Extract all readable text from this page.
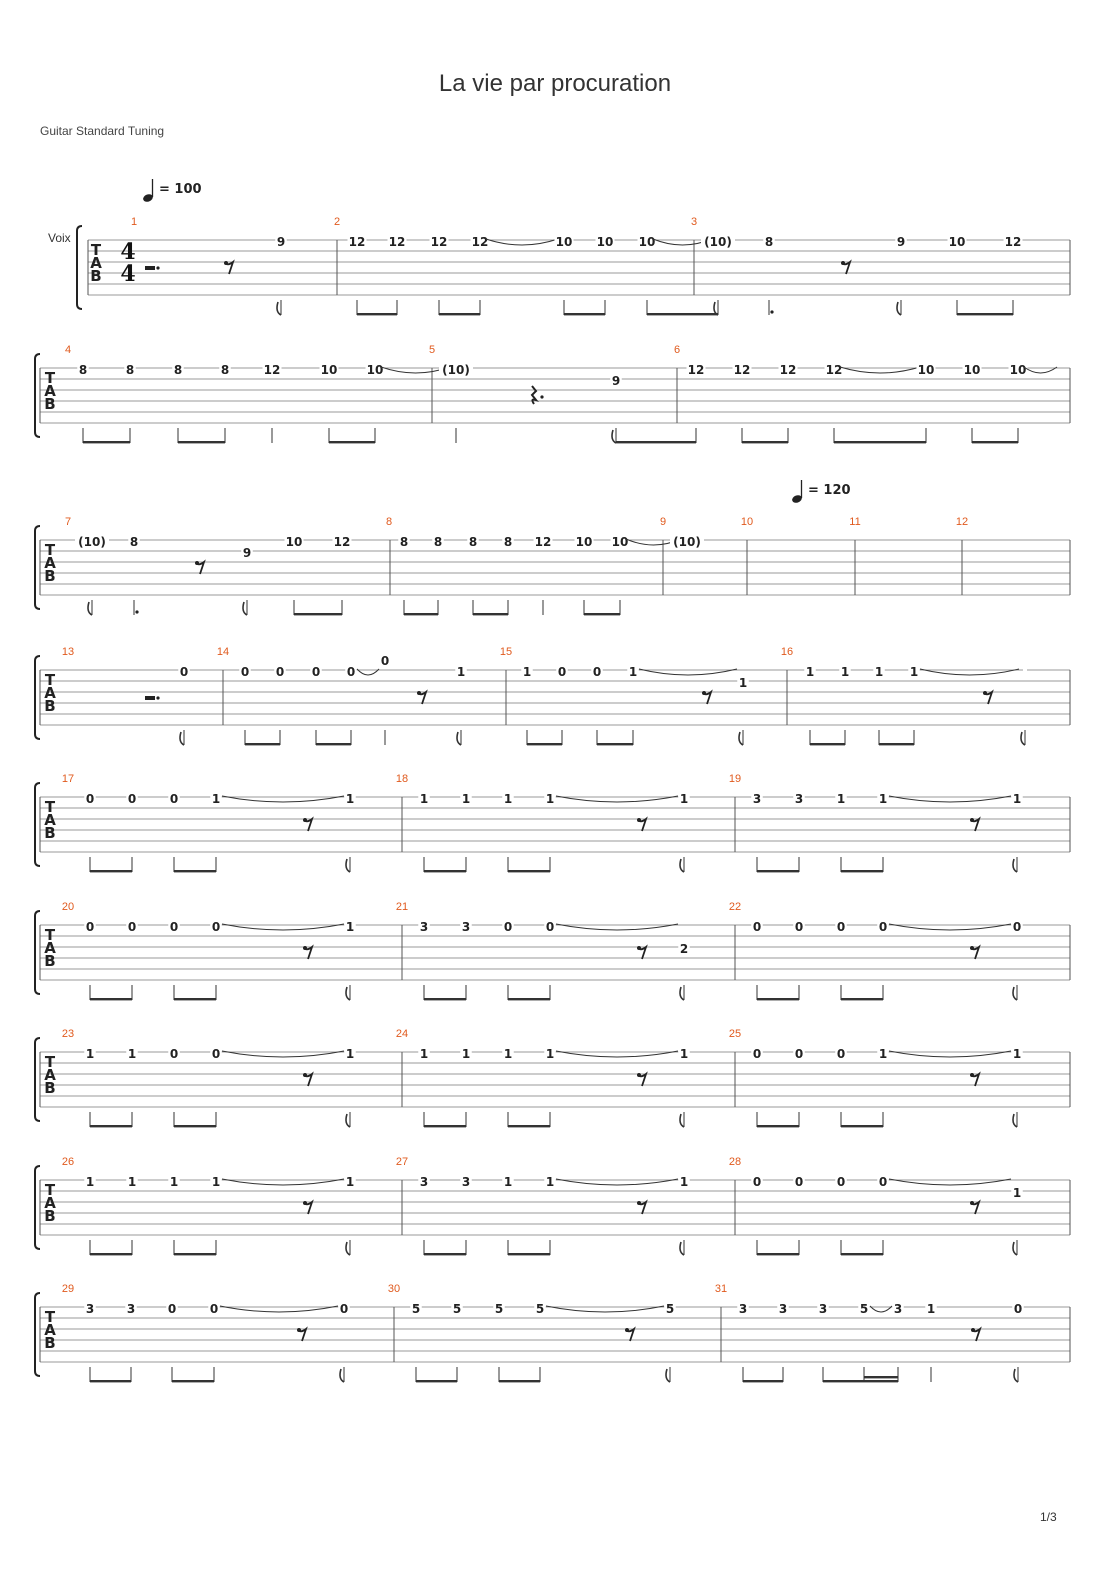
La vie par procuration
Guitar Standard Tuning
1/3
T
A
B
1	2	3
9	12 12 12 12	10 10 10	(10)	8	9	10	12
T
A
B
4	5	6
8	8	8	8	12	10 10	(10)
9
12 12 12 12	10 10 10
T
A
B
7	8	9	10	11	12
(10) 8
9
10	12	8 8 8 8 12 10 10	(10)
T
A
B
13	14	15	16
0	0 0 0 0
0
1	1 0 0 1
1
1 1 1 1
T
A
B
17	18	19
0	0	0	1	1	1	1	1	1	1	3	3	1	1	1
T
A
B
20	21	22
0	0	0	0	1	3	3	0	0
2
0	0	0	0	0
T
A
B
23	24	25
1	1	0	0	1	1	1	1	1	1	0	0	0	1	1
T
A
B
26	27	28
1	1	1	1	1	3	3	1	1	1	0	0	0	0
1
T
A
B
29	30	31
3	3	0	0	0	5	5	5	5	5	3	3	3	5 3 1	0
4
4
Voix
= 100
= 120
